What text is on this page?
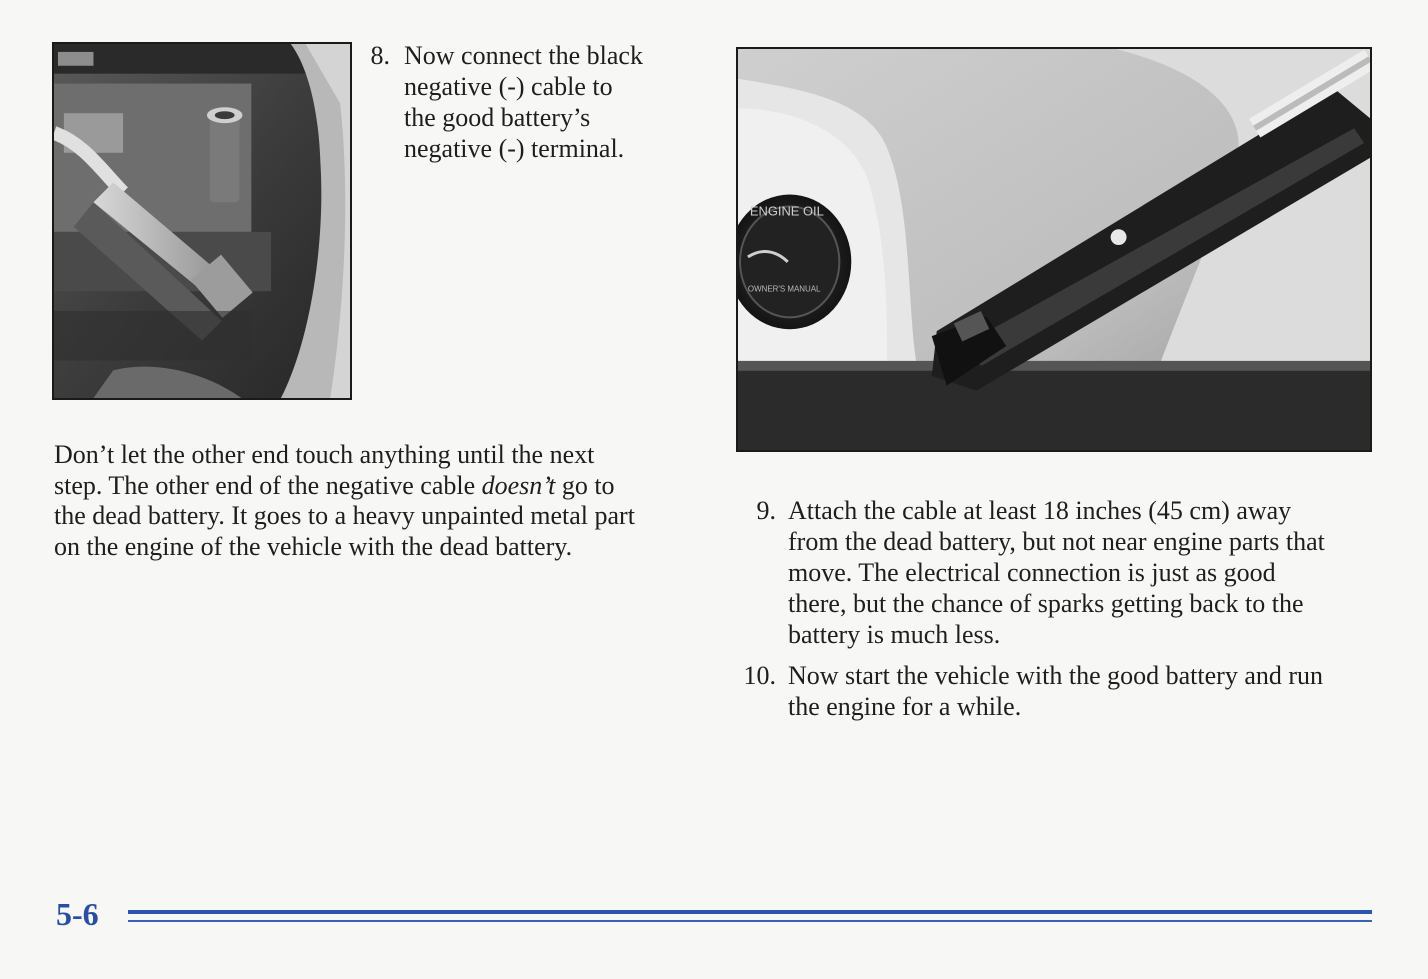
8. Now connect the black
negative (-) cable to
the good battery’s
negative (-) terminal.
Don’t let the other end touch anything until the next
step. The other end of the negative cable doesn’t go to
the dead battery. It goes to a heavy unpainted metal part
on the engine of the vehicle with the dead battery.
ENGINE OIL
OWNER'S MANUAL
9. Attach the cable at least 18 inches (45 cm) away
from the dead battery, but not near engine parts that
move. The electrical connection is just as good
there, but the chance of sparks getting back to the
battery is much less.
10. Now start the vehicle with the good battery and run
the engine for a while.
5-6
